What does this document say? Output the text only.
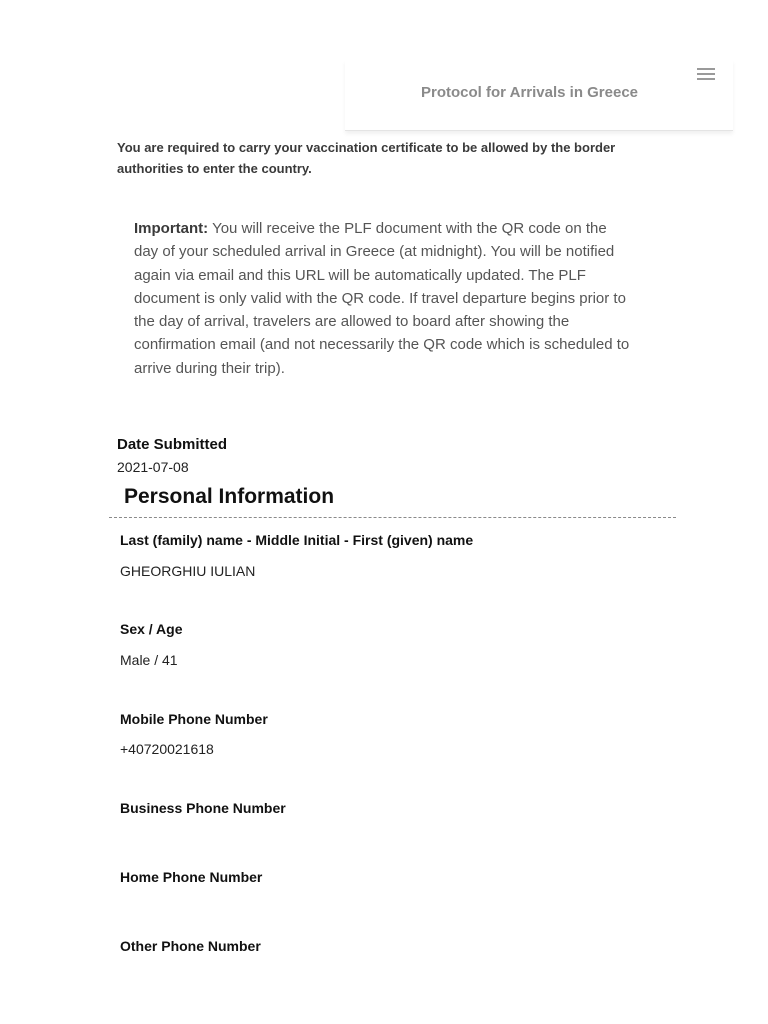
Protocol for Arrivals in Greece
You are required to carry your vaccination certificate to be allowed by the border authorities to enter the country.
Important: You will receive the PLF document with the QR code on the day of your scheduled arrival in Greece (at midnight). You will be notified again via email and this URL will be automatically updated. The PLF document is only valid with the QR code. If travel departure begins prior to the day of arrival, travelers are allowed to board after showing the confirmation email (and not necessarily the QR code which is scheduled to arrive during their trip).
Date Submitted
2021-07-08
Personal Information
Last (family) name - Middle Initial - First (given) name
GHEORGHIU IULIAN
Sex / Age
Male / 41
Mobile Phone Number
+40720021618
Business Phone Number
Home Phone Number
Other Phone Number
